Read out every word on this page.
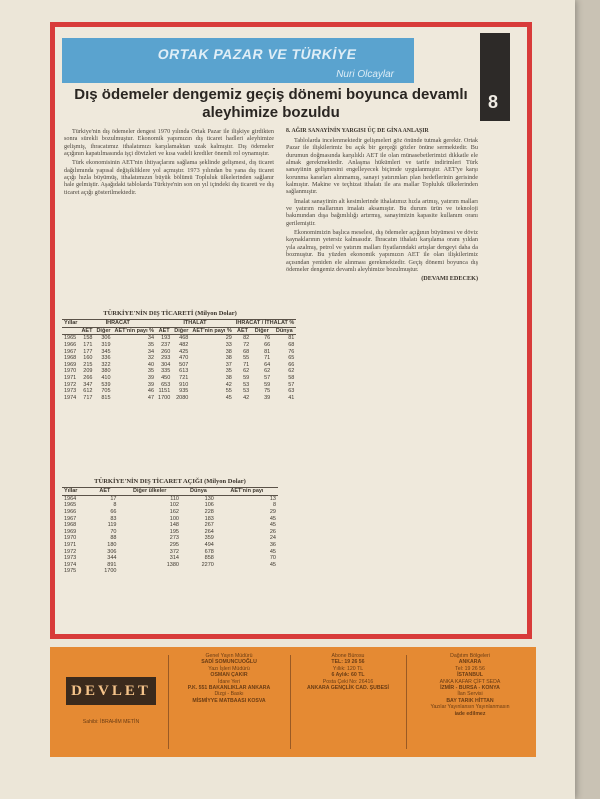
ORTAK PAZAR VE TÜRKİYE
Nuri Olcaylar
8
Dış ödemeler dengemiz geçiş dönemi boyunca devamlı aleyhimize bozuldu

Türkiye'nin dış ödemeler dengesi 1970 yılında Ortak Pazar ile ilişkiye girdikten sonra sürekli bozulmuştur. Ekonomik yapımızın dış ticaret hadleri aleyhimize gelişmiş, ihracatımız ithalatımızı karşılamaktan uzak kalmıştır. Dış ödemeler açığının kapatılmasında işçi dövizleri ve kısa vadeli krediler önemli rol oynamıştır.

Türk ekonomisinin AET'nin ihtiyaçlarını sağlama şeklinde gelişmesi, dış ticaret dağılımında yapısal değişikliklere yol açmıştır. 1973 yılından bu yana dış ticaret açığı hızla büyümüş, ithalatımızın büyük bölümü Topluluk ülkelerinden sağlanır hale gelmiştir. Aşağıdaki tablolarda Türkiye'nin son on yıl içindeki dış ticareti ve dış ticaret açığı gösterilmektedir.

TÜRKİYE'NİN DIŞ TİCARETİ (Milyon Dolar)
Yıllar	İHRACAT			İTHALAT			İHRACAT / İTHALAT %		
	AET	Diğer	AET'nin payı %	AET	Diğer	AET'nin payı %	AET	Diğer	Dünya
1965	158	306	34	193	468	29	82	76	81
1966	171	319	35	237	482	33	72	66	68
1967	177	345	34	260	425	38	68	81	76
1968	160	336	32	293	470	38	55	71	65
1969	215	322	40	304	507	37	71	64	66
1970	209	380	35	335	613	35	62	62	62
1971	266	410	39	450	721	38	59	57	58
1972	347	539	39	653	910	42	53	59	57
1973	612	705	46	1151	935	55	53	75	63
1974	717	815	47	1700	2080	45	42	39	41
TÜRKİYE'NİN DIŞ TİCARET AÇIĞI (Milyon Dolar)
Yıllar	AET	Diğer ülkeler	Dünya	AET'nin payı
1964	17	110	130	13
1965	8	102	106	8
1966	66	162	228	29
1967	83	100	183	45
1968	119	148	267	45
1969	70	195	264	26
1970	88	273	359	24
1971	180	295	494	36
1972	306	372	678	45
1973	344	314	858	70
1974	891	1380	2270	45
1975	1700			

8. AĞIR SANAYİNİN YARGISI ÜÇ DE GİNA ANLAŞIR

Tablolarda incelenmektedir gelişmeleri göz önünde tutmak gerekir. Ortak Pazar ile ilişkilerimiz bu açık bir gerçeği gözler önüne sermektedir. Bu durumun doğmasında karşılıklı AET ile olan münasebetlerimizi dikkatle ele almak gerekmektedir. Anlaşma hükümleri ve tarife indirimleri Türk sanayiinin gelişmesini engelleyecek biçimde uygulanmıştır. AET'ye karşı korunma kararları alınmamış, sanayi yatırımları plan hedeflerinin gerisinde kalmıştır. Makine ve teçhizat ithalatı ile ara mallar Topluluk ülkelerinden sağlanmıştır.

İmalat sanayiinin alt kesimlerinde ithalatımız hızla artmış, yatırım malları ve yatırım mallarının imalatı aksamıştır. Bu durum ürün ve teknoloji bakımından dışa bağımlılığı artırmış, sanayimizin kapasite kullanım oranı gerilemiştir.

Ekonomimizin başlıca meselesi, dış ödemeler açığının büyümesi ve döviz kaynaklarının yetersiz kalmasıdır. İhracatın ithalatı karşılama oranı yıldan yıla azalmış, petrol ve yatırım malları fiyatlarındaki artışlar dengeyi daha da bozmuştur. Bu yüzden ekonomik yapımızın AET ile olan ilişkilerimiz açısından yeniden ele alınması gerekmektedir. Geçiş dönemi boyunca dış ödemeler dengemiz devamlı aleyhimize bozulmuştur.

(DEVAMI EDECEK)

DEVLET
Sahibi: İBRAHİM METİN
Genel Yayın Müdürü
SADİ SOMUNCUOĞLU
Yazı İşleri Müdürü
OSMAN ÇAKIR
İdare Yeri
P.K. 551 BAKANLIKLAR ANKARA
Dizgi - Baskı
MİSMİYYE MATBAASI KOSVA
Abone Bürosu
TEL: 19 26 56
Yıllık: 120 TL
6 Aylık: 60 TL
Posta Çeki No: 26416
ANKARA GENÇLİK CAD. ŞUBESİ
Dağıtım Bölgeleri
ANKARA
Tel: 19 26 56
İSTANBUL
ANKA KAFAR ÇİFT SEDA
İZMİR - BURSA - KONYA
İlan Servisi
BAY TARIK HİTTAN
Yazılar Yayınlansın Yayınlanmasın
iade edilmez
